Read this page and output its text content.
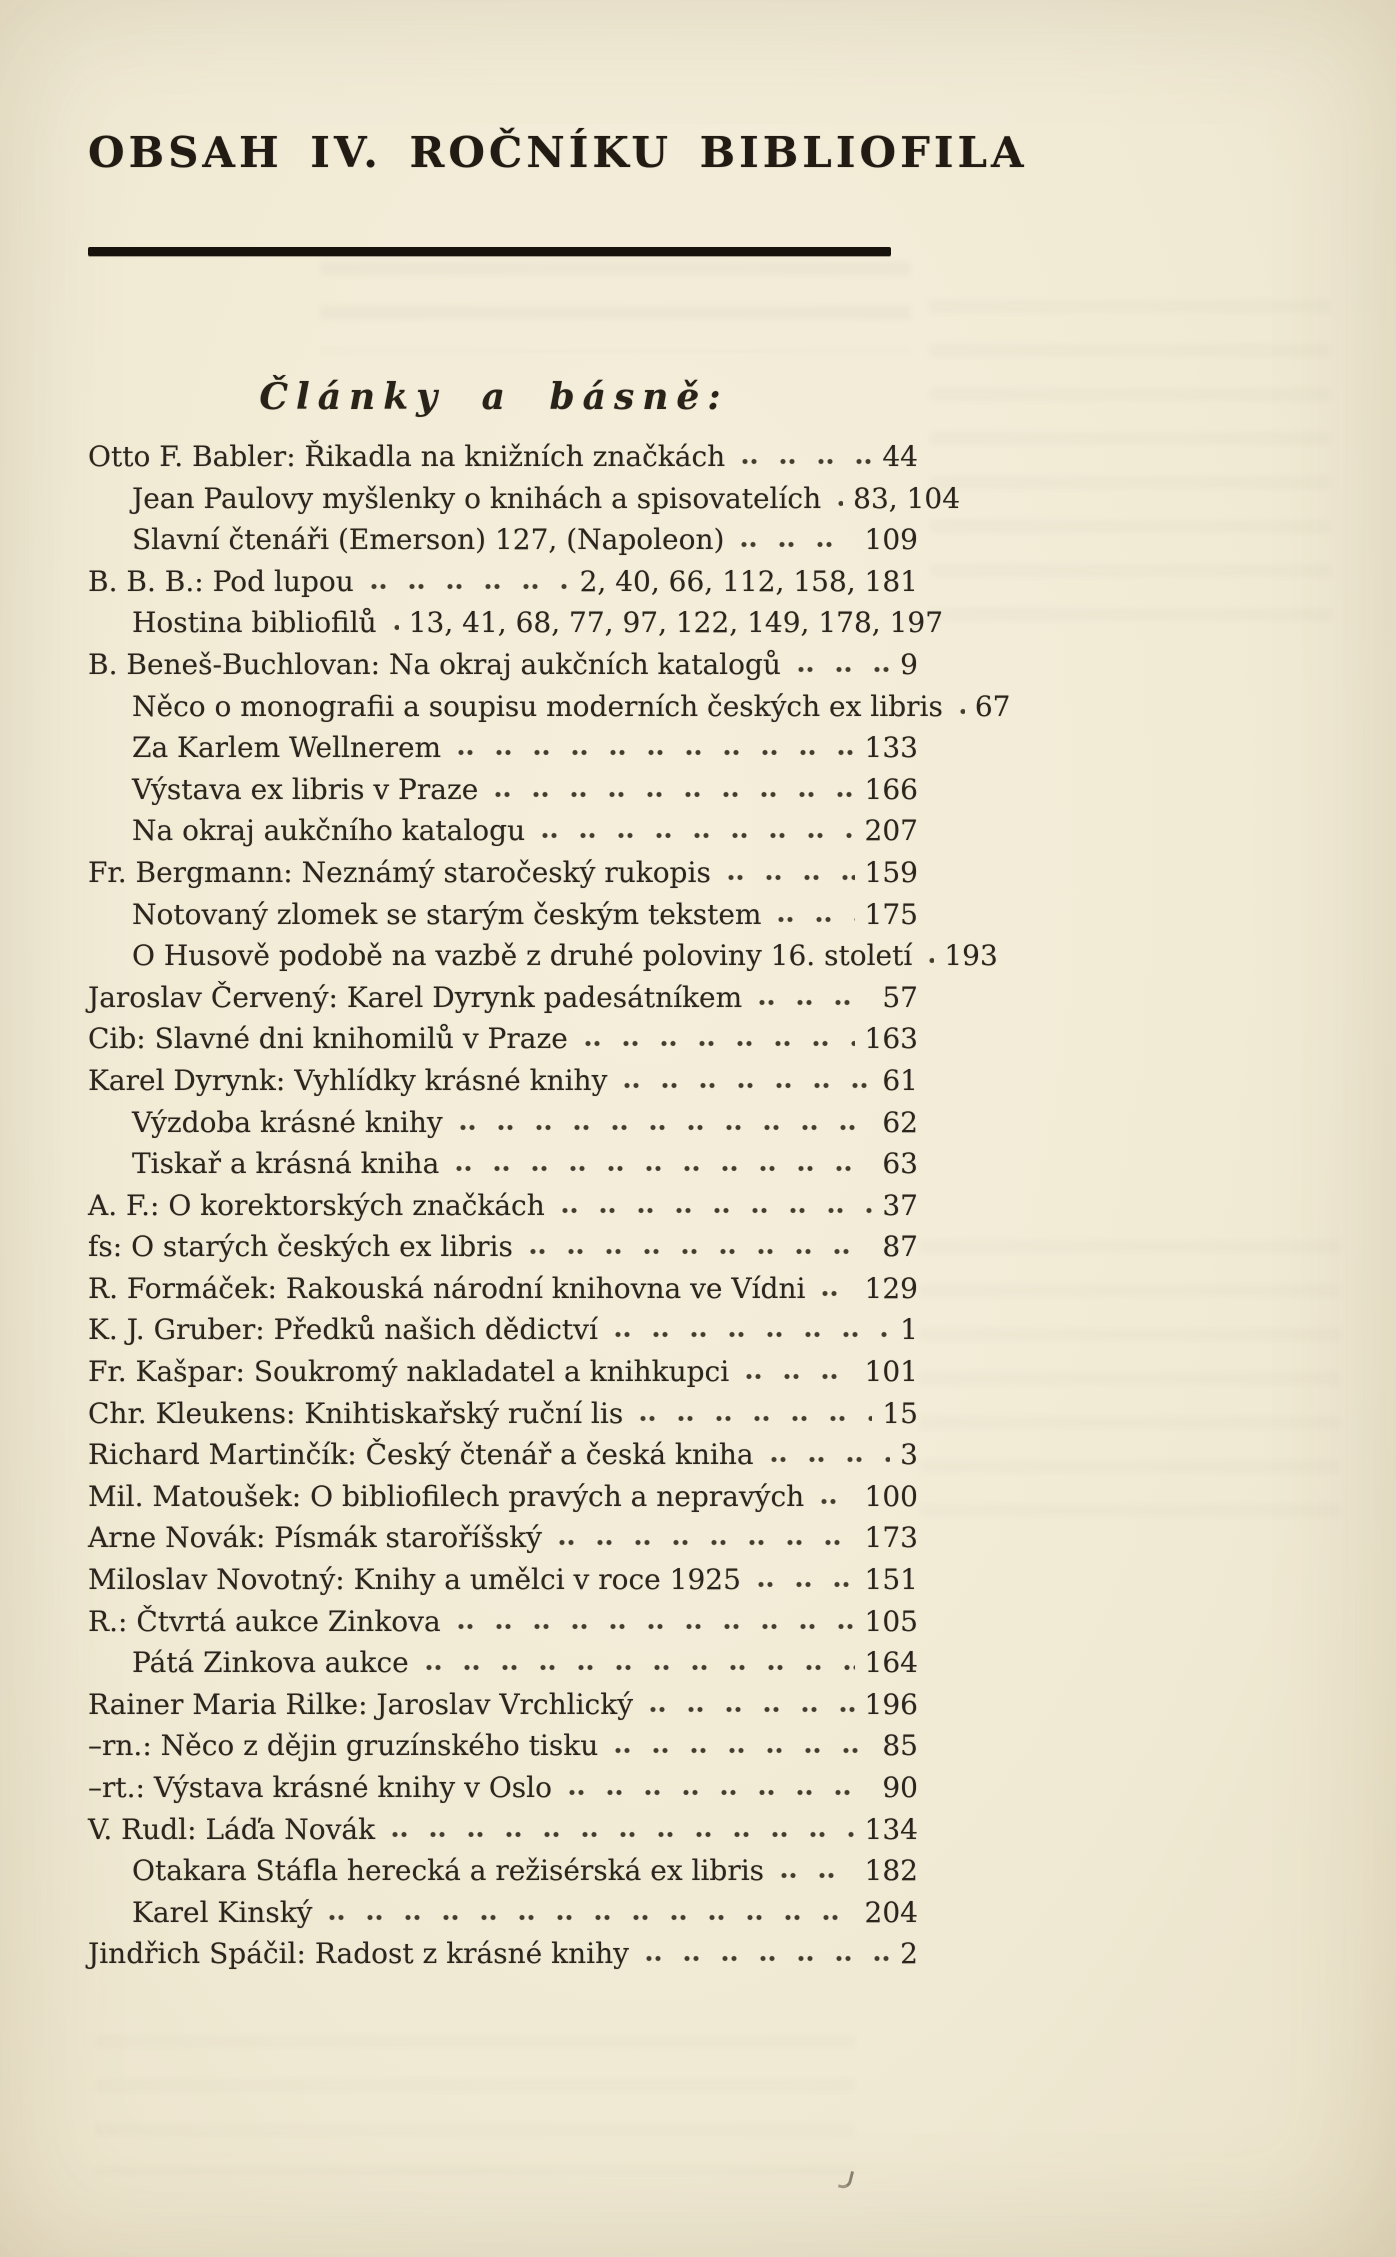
OBSAH IV. ROČNÍKU BIBLIOFILA
Články a básně:
Otto F. Babler: Řikadla na knižních značkách	44
Jean Paulovy myšlenky o knihách a spisovatelích 83, 104
Slavní čtenáři (Emerson) 127, (Napoleon)	109
B. B. B.: Pod lupou	2, 40, 66, 112, 158, 181
Hostina bibliofilů 13, 41, 68, 77, 97, 122, 149, 178, 197
B. Beneš-Buchlovan: Na okraj aukčních katalogů	9
Něco o monografii a soupisu moderních českých ex libris 67
Za Karlem Wellnerem	133
Výstava ex libris v Praze	166
Na okraj aukčního katalogu	207
Fr. Bergmann: Neznámý staročeský rukopis	159
Notovaný zlomek se starým českým tekstem	175
O Husově podobě na vazbě z druhé poloviny 16. století 193
Jaroslav Červený: Karel Dyrynk padesátníkem	57
Cib: Slavné dni knihomilů v Praze	163
Karel Dyrynk: Vyhlídky krásné knihy	61
Výzdoba krásné knihy	62
Tiskař a krásná kniha	63
A. F.: O korektorských značkách	37
fs: O starých českých ex libris	87
R. Formáček: Rakouská národní knihovna ve Vídni 129
K. J. Gruber: Předků našich dědictví	1
Fr. Kašpar: Soukromý nakladatel a knihkupci	101
Chr. Kleukens: Knihtiskařský ruční lis	15
Richard Martinčík: Český čtenář a česká kniha	3
Mil. Matoušek: O bibliofilech pravých a nepravých 100
Arne Novák: Písmák staroříšský	173
Miloslav Novotný: Knihy a umělci v roce 1925	151
R.: Čtvrtá aukce Zinkova	105
Pátá Zinkova aukce	164
Rainer Maria Rilke: Jaroslav Vrchlický	196
–rn.: Něco z dějin gruzínského tisku	85
–rt.: Výstava krásné knihy v Oslo	90
V. Rudl: Láďa Novák	134
Otakara Stáfla herecká a režisérská ex libris	182
Karel Kinský	204
Jindřich Spáčil: Radost z krásné knihy	2
